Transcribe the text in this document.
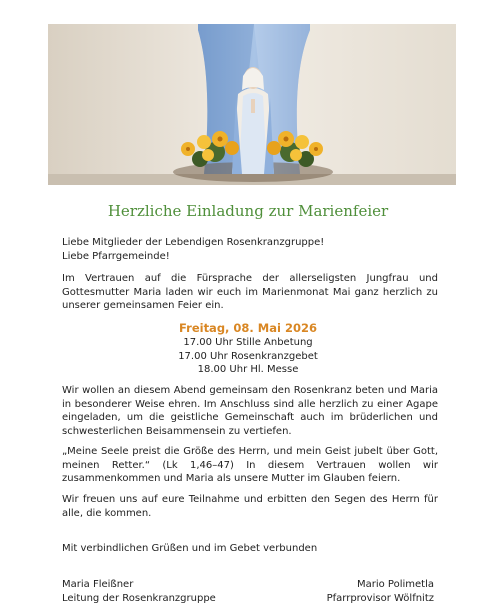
Herzliche Einladung zur Marienfeier
Liebe Mitglieder der Lebendigen Rosenkranzgruppe!
Liebe Pfarrgemeinde!

Im Vertrauen auf die Fürsprache der allerseligsten Jungfrau und Gottesmutter Maria laden wir euch im Marienmonat Mai ganz herzlich zu unserer gemeinsamen Feier ein.

Freitag, 08. Mai 2026
17.00 Uhr Stille Anbetung
17.00 Uhr Rosenkranzgebet
18.00 Uhr Hl. Messe

Wir wollen an diesem Abend gemeinsam den Rosenkranz beten und Maria in besonderer Weise ehren. Im Anschluss sind alle herzlich zu einer Agape eingeladen, um die geistliche Gemeinschaft auch im brüderlichen und schwesterlichen Beisammensein zu vertiefen.

„Meine Seele preist die Größe des Herrn, und mein Geist jubelt über Gott, meinen Retter.“ (Lk 1,46–47) In diesem Vertrauen wollen wir zusammenkommen und Maria als unsere Mutter im Glauben feiern.

Wir freuen uns auf eure Teilnahme und erbitten den Segen des Herrn für alle, die kommen.

Mit verbindlichen Grüßen und im Gebet verbunden

Maria Fleißner
Leitung der Rosenkranzgruppe
Mario Polimetla
Pfarrprovisor Wölfnitz
